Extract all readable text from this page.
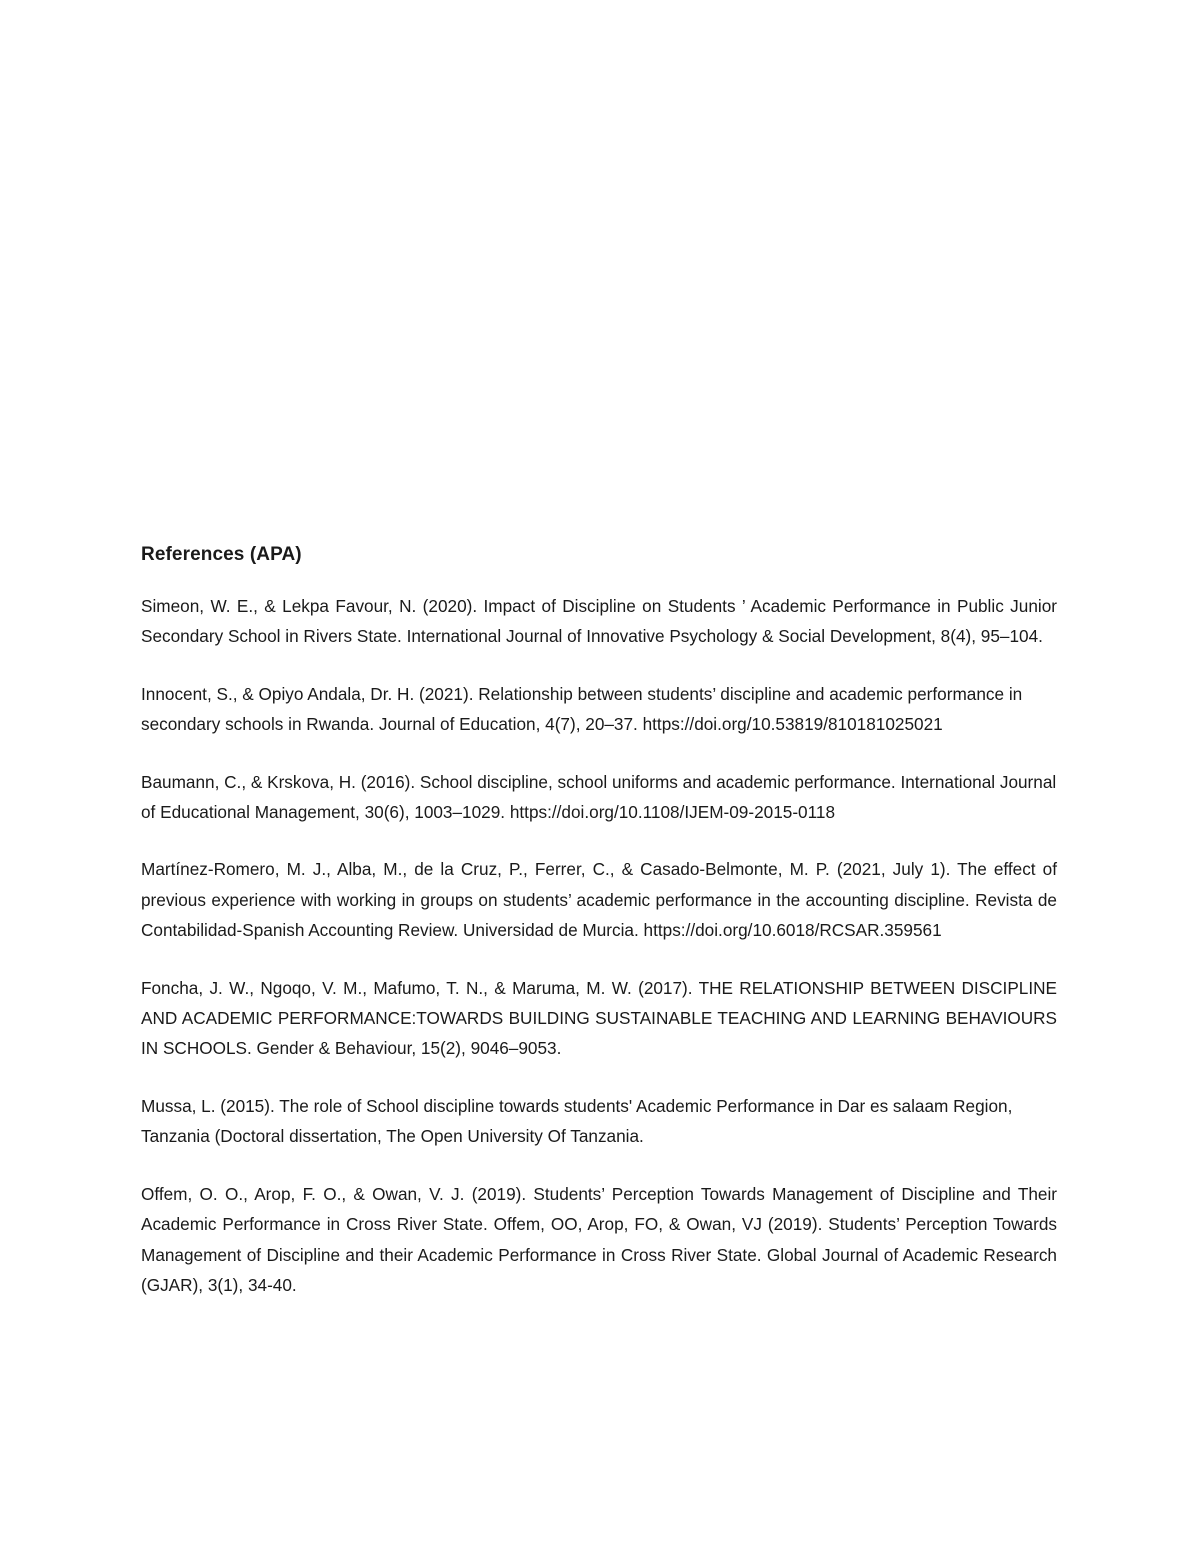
References (APA)

Simeon, W. E., & Lekpa Favour, N. (2020). Impact of Discipline on Students ’ Academic Performance in Public Junior Secondary School in Rivers State. International Journal of Innovative Psychology & Social Development, 8(4), 95–104.

Innocent, S., & Opiyo Andala, Dr. H. (2021). Relationship between students’ discipline and academic performance in secondary schools in Rwanda. Journal of Education, 4(7), 20–37. https://doi.org/10.53819/810181025021

Baumann, C., & Krskova, H. (2016). School discipline, school uniforms and academic performance. International Journal of Educational Management, 30(6), 1003–1029. https://doi.org/10.1108/IJEM-09-2015-0118

Martínez-Romero, M. J., Alba, M., de la Cruz, P., Ferrer, C., & Casado-Belmonte, M. P. (2021, July 1). The effect of previous experience with working in groups on students’ academic performance in the accounting discipline. Revista de Contabilidad-Spanish Accounting Review. Universidad de Murcia. https://doi.org/10.6018/RCSAR.359561

Foncha, J. W., Ngoqo, V. M., Mafumo, T. N., & Maruma, M. W. (2017). THE RELATIONSHIP BETWEEN DISCIPLINE AND ACADEMIC PERFORMANCE:TOWARDS BUILDING SUSTAINABLE TEACHING AND LEARNING BEHAVIOURS IN SCHOOLS. Gender & Behaviour, 15(2), 9046–9053.

Mussa, L. (2015). The role of School discipline towards students' Academic Performance in Dar es salaam Region, Tanzania (Doctoral dissertation, The Open University Of Tanzania.

Offem, O. O., Arop, F. O., & Owan, V. J. (2019). Students’ Perception Towards Management of Discipline and Their Academic Performance in Cross River State. Offem, OO, Arop, FO, & Owan, VJ (2019). Students’ Perception Towards Management of Discipline and their Academic Performance in Cross River State. Global Journal of Academic Research (GJAR), 3(1), 34-40.
